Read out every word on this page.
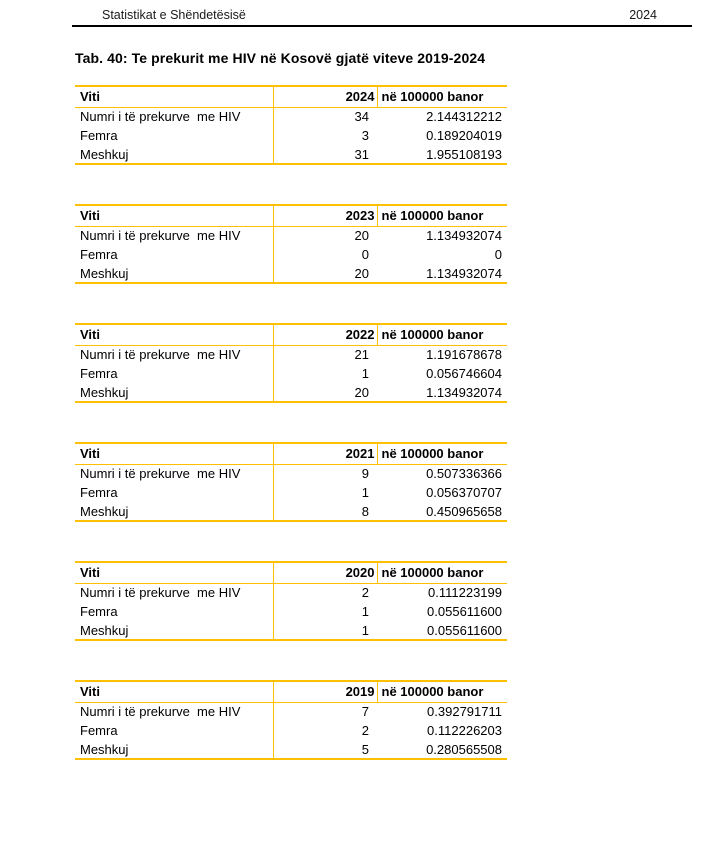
Statistikat e Shëndetësisë	2024
Tab. 40: Te prekurit me HIV në Kosovë gjatë viteve 2019-2024
Viti	2024	në 100000 banor
Numri i të prekurve  me HIV	34	2.144312212
Femra	3	0.189204019
Meshkuj	31	1.955108193
Viti	2023	në 100000 banor
Numri i të prekurve  me HIV	20	1.134932074
Femra	0	0
Meshkuj	20	1.134932074
Viti	2022	në 100000 banor
Numri i të prekurve  me HIV	21	1.191678678
Femra	1	0.056746604
Meshkuj	20	1.134932074
Viti	2021	në 100000 banor
Numri i të prekurve  me HIV	9	0.507336366
Femra	1	0.056370707
Meshkuj	8	0.450965658
Viti	2020	në 100000 banor
Numri i të prekurve  me HIV	2	0.111223199
Femra	1	0.055611600
Meshkuj	1	0.055611600
Viti	2019	në 100000 banor
Numri i të prekurve  me HIV	7	0.392791711
Femra	2	0.112226203
Meshkuj	5	0.280565508
